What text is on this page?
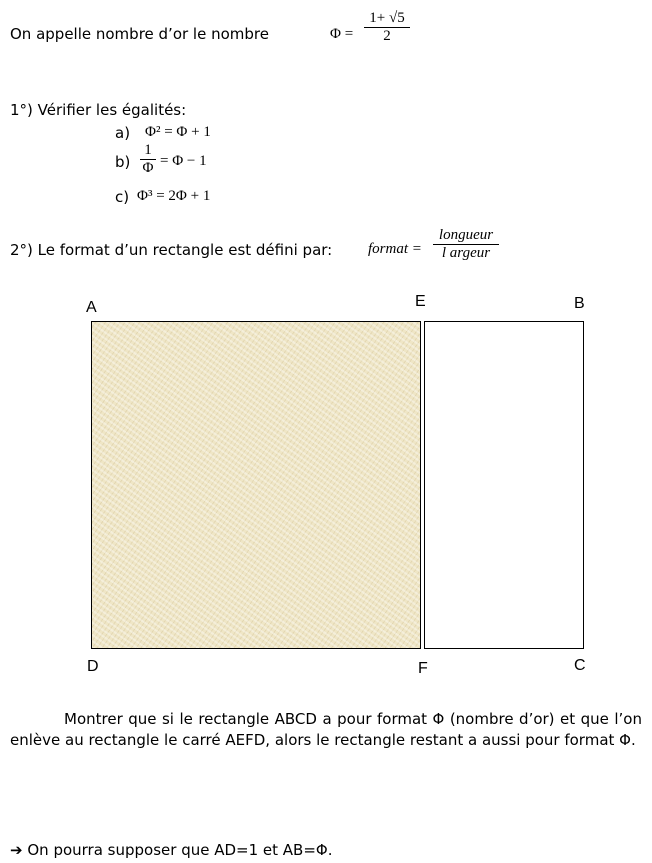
On appelle nombre d’or le nombre	Φ =
1+ √5
2
1°) Vérifier les égalités:
a) Φ² = Φ + 1
b)
1
Φ = Φ − 1
c) Φ³ = 2Φ + 1
2°) Le format d’un rectangle est défini par: format =
longueur
l argeur
A	E	B
D	F	C
Montrer que si le rectangle ABCD a pour format Φ (nombre d’or) et que l’on enlève au rectangle le carré AEFD, alors le rectangle restant a aussi pour format Φ.
➔ On pourra supposer que AD=1 et AB=Φ.
